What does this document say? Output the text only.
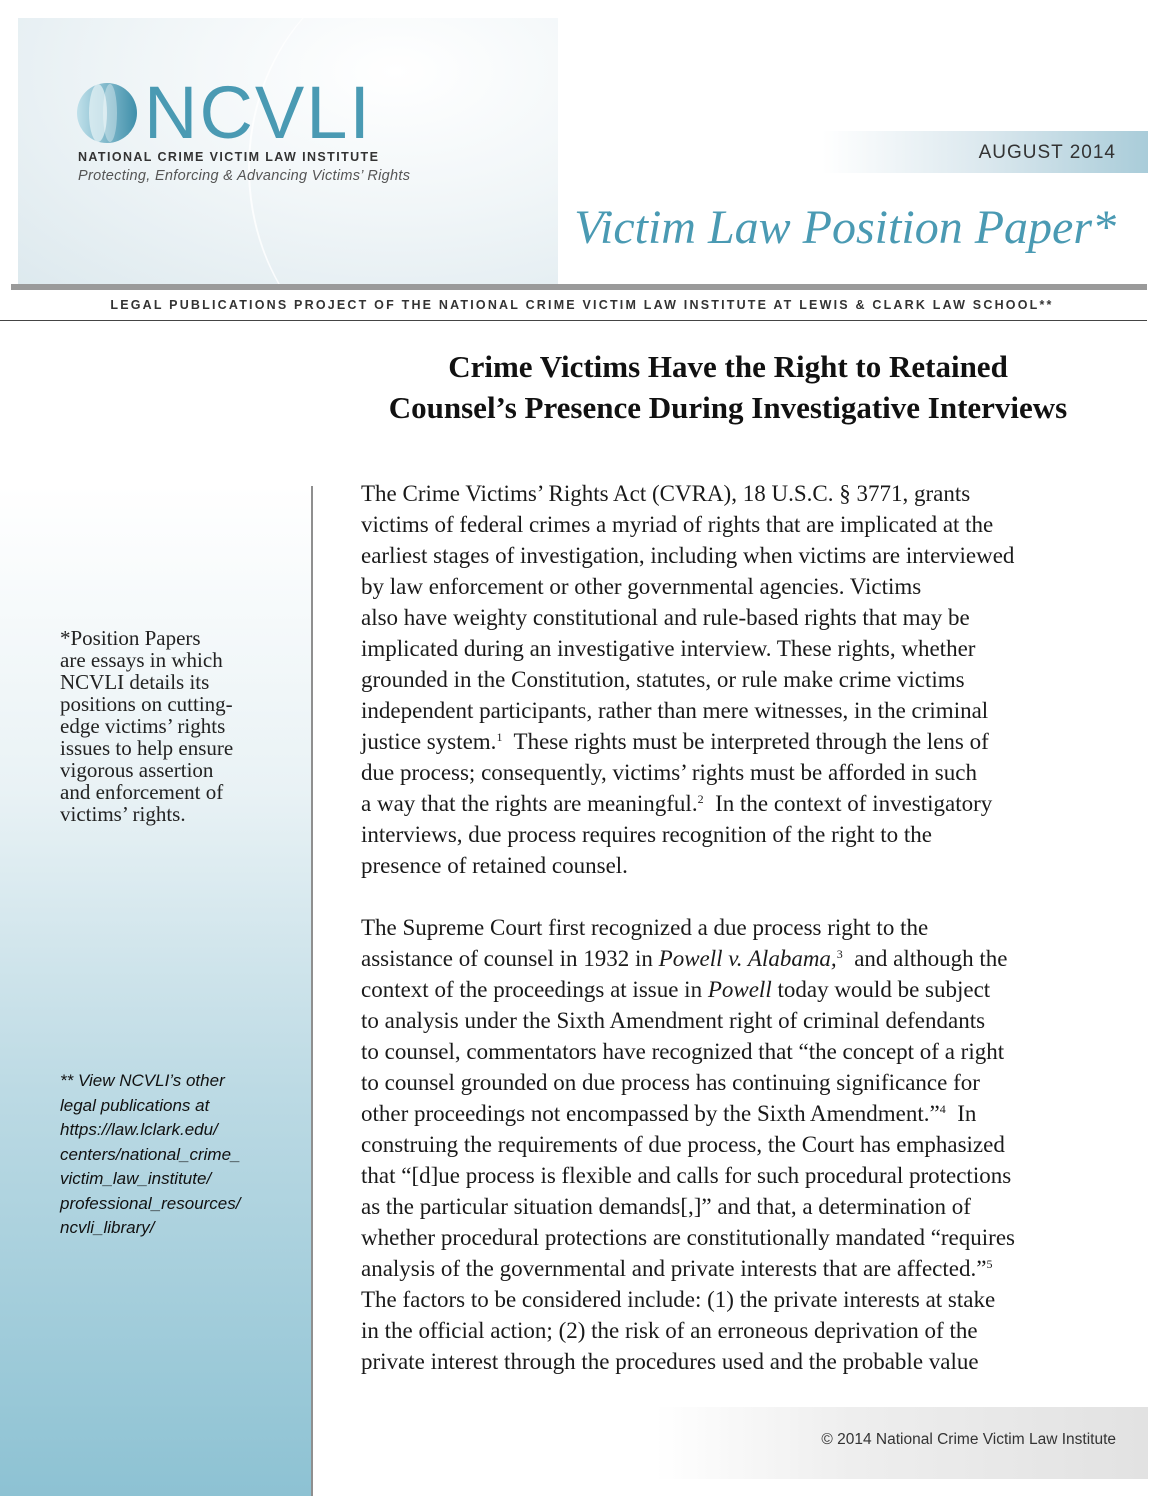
NCVLI
NATIONAL CRIME VICTIM LAW INSTITUTE
Protecting, Enforcing & Advancing Victims’ Rights
AUGUST 2014
Victim Law Position Paper*
LEGAL PUBLICATIONS PROJECT OF THE NATIONAL CRIME VICTIM LAW INSTITUTE AT LEWIS & CLARK LAW SCHOOL**
*Position Papers
are essays in which
NCVLI details its
positions on cutting-
edge victims’ rights
issues to help ensure
vigorous assertion
and enforcement of
victims’ rights.
** View NCVLI’s other
legal publications at
https://law.lclark.edu/
centers/national_crime_
victim_law_institute/
professional_resources/
ncvli_library/
Crime Victims Have the Right to Retained
Counsel’s Presence During Investigative Interviews
The Crime Victims’ Rights Act (CVRA), 18 U.S.C. § 3771, grants
victims of federal crimes a myriad of rights that are implicated at the
earliest stages of investigation, including when victims are interviewed
by law enforcement or other governmental agencies. Victims
also have weighty constitutional and rule-based rights that may be
implicated during an investigative interview. These rights, whether
grounded in the Constitution, statutes, or rule make crime victims
independent participants, rather than mere witnesses, in the criminal
justice system.$^1$  These rights must be interpreted through the lens of
due process; consequently, victims’ rights must be afforded in such
a way that the rights are meaningful.$^2$  In the context of investigatory
interviews, due process requires recognition of the right to the
presence of retained counsel.
The Supreme Court first recognized a due process right to the
assistance of counsel in 1932 in Powell v. Alabama,$^3$  and although the
context of the proceedings at issue in Powell today would be subject
to analysis under the Sixth Amendment right of criminal defendants
to counsel, commentators have recognized that “the concept of a right
to counsel grounded on due process has continuing significance for
other proceedings not encompassed by the Sixth Amendment.”$^4$  In
construing the requirements of due process, the Court has emphasized
that “[d]ue process is flexible and calls for such procedural protections
as the particular situation demands[,]” and that, a determination of
whether procedural protections are constitutionally mandated “requires
analysis of the governmental and private interests that are affected.”$^5$
The factors to be considered include: (1) the private interests at stake
in the official action; (2) the risk of an erroneous deprivation of the
private interest through the procedures used and the probable value
© 2014 National Crime Victim Law Institute
